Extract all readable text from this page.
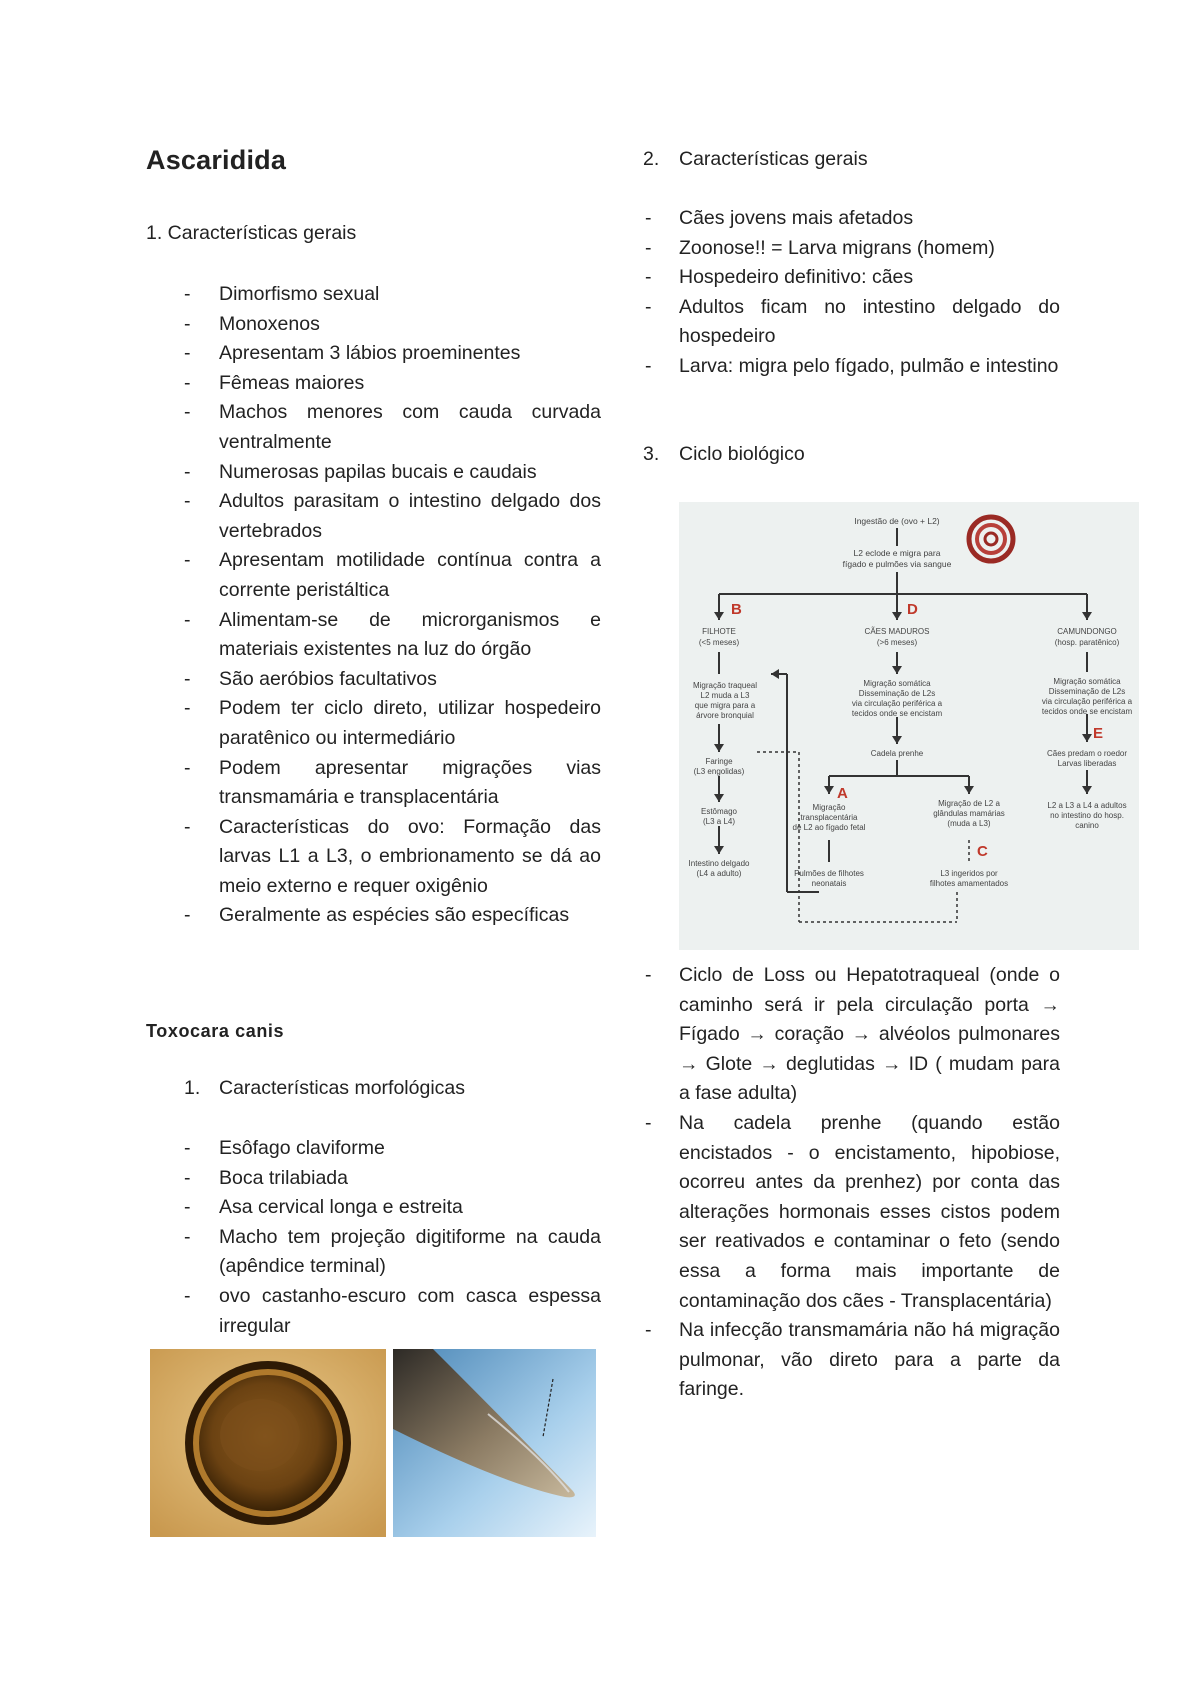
Ascaridida
1. Características gerais
- Dimorfismo sexual
- Monoxenos
- Apresentam 3 lábios proeminentes
- Fêmeas maiores
- Machos menores com cauda curvada ventralmente
- Numerosas papilas bucais e caudais
- Adultos parasitam o intestino delgado dos vertebrados
- Apresentam motilidade contínua contra a corrente peristáltica
- Alimentam-se de microrganismos e materiais existentes na luz do órgão
- São aeróbios facultativos
- Podem ter ciclo direto, utilizar hospedeiro paratênico ou intermediário
- Podem apresentar migrações vias transmamária e transplacentária
- Características do ovo: Formação das larvas L1 a L3, o embrionamento se dá ao meio externo e requer oxigênio
- Geralmente as espécies são específicas
Toxocara canis
1. Características morfológicas
- Esôfago claviforme
- Boca trilabiada
- Asa cervical longa e estreita
- Macho tem projeção digitiforme na cauda (apêndice terminal)
- ovo castanho-escuro com casca espessa irregular
2. Características gerais
- Cães jovens mais afetados
- Zoonose!! = Larva migrans (homem)
- Hospedeiro definitivo: cães
- Adultos ficam no intestino delgado do hospedeiro
- Larva: migra pelo fígado, pulmão e intestino
3. Ciclo biológico
Ingestão de (ovo + L2)
L2 eclode e migra para
fígado e pulmões via sangue
B	D
E
A
C
FILHOTE
(<5 meses)
CÃES MADUROS
(>6 meses)
CAMUNDONGO
(hosp. paratênico)
Migração traqueal
L2 muda a L3
que migra para a
árvore bronquial
Faringe
(L3 engolidas)
Estômago
(L3 a L4)
Intestino delgado
(L4 a adulto)
Migração somática
Disseminação de L2s
via circulação periférica a
tecidos onde se encistam
Cadela prenhe
Migração somática
Disseminação de L2s
via circulação periférica a
tecidos onde se encistam
Cães predam o roedor
Larvas liberadas
L2 a L3 a L4 a adultos
no intestino do hosp.
canino
Migração
transplacentária
de L2 ao fígado fetal
Migração de L2 a
glândulas mamárias
(muda a L3)
Pulmões de filhotes
neonatais
L3 ingeridos por
filhotes amamentados
- Ciclo de Loss ou Hepatotraqueal (onde o caminho será ir pela circulação porta → Fígado → coração → alvéolos pulmonares → Glote → deglutidas → ID ( mudam para a fase adulta)
- Na cadela prenhe (quando estão encistados - o encistamento, hipobiose, ocorreu antes da prenhez) por conta das alterações hormonais esses cistos podem ser reativados e contaminar o feto (sendo essa a forma mais importante de contaminação dos cães - Transplacentária)
- Na infecção transmamária não há migração pulmonar, vão direto para a parte da faringe.
